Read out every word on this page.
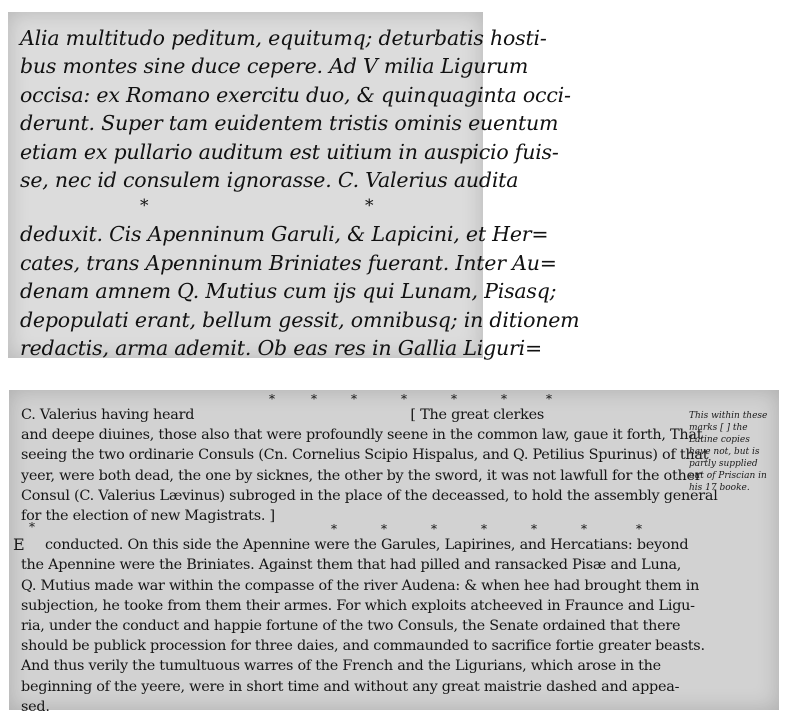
Alia multitudo peditum, equitumq; deturbatis hosti-
bus montes sine duce cepere. Ad V milia Ligurum
occisa: ex Romano exercitu duo, & quinquaginta occi-
derunt. Super tam euidentem tristis ominis euentum
etiam ex pullario auditum est uitium in auspicio fuis-
se, nec id consulem ignorasse. C. Valerius audita
*	*
deduxit. Cis Apenninum Garuli, & Lapicini, et Her=
cates, trans Apenninum Briniates fuerant. Inter Au=
denam amnem Q. Mutius cum ijs qui Lunam, Pisasq;
depopulati erant, bellum gessit, omnibusq; in ditionem
redactis, arma ademit. Ob eas res in Gallia Liguri=
*	*	*	*	*	*	*
C. Valerius having heard                                                  [ The great clerkes
and deepe diuines, those also that were profoundly seene in the common law, gaue it forth, That
seeing the two ordinarie Consuls (Cn. Cornelius Scipio Hispalus, and Q. Petilius Spurinus) of that
yeer, were both dead, the one by sicknes, the other by the sword, it was not lawfull for the other
Consul (C. Valerius Lævinus) subroged in the place of the deceassed, to hold the assembly general
for the election of new Magistrats. ]
*	*	*	*	*	*	*
conducted. On this side the Apennine were the Garules, Lapirines, and Hercatians: beyond
the Apennine were the Briniates. Against them that had pilled and ransacked Pisæ and Luna,
Q. Mutius made war within the compasse of the river Audena: & when hee had brought them in
subjection, he tooke from them their armes. For which exploits atcheeved in Fraunce and Ligu-
ria, under the conduct and happie fortune of the two Consuls, the Senate ordained that there
should be publick procession for three daies, and commaunded to sacrifice fortie greater beasts.
And thus verily the tumultuous warres of the French and the Ligurians, which arose in the
beginning of the yeere, were in short time and without any great maistrie dashed and appea-
sed.
*
E
This within these marks [ ] the Latine copies have not, but is partly supplied out of Priscian in his 17 booke.
